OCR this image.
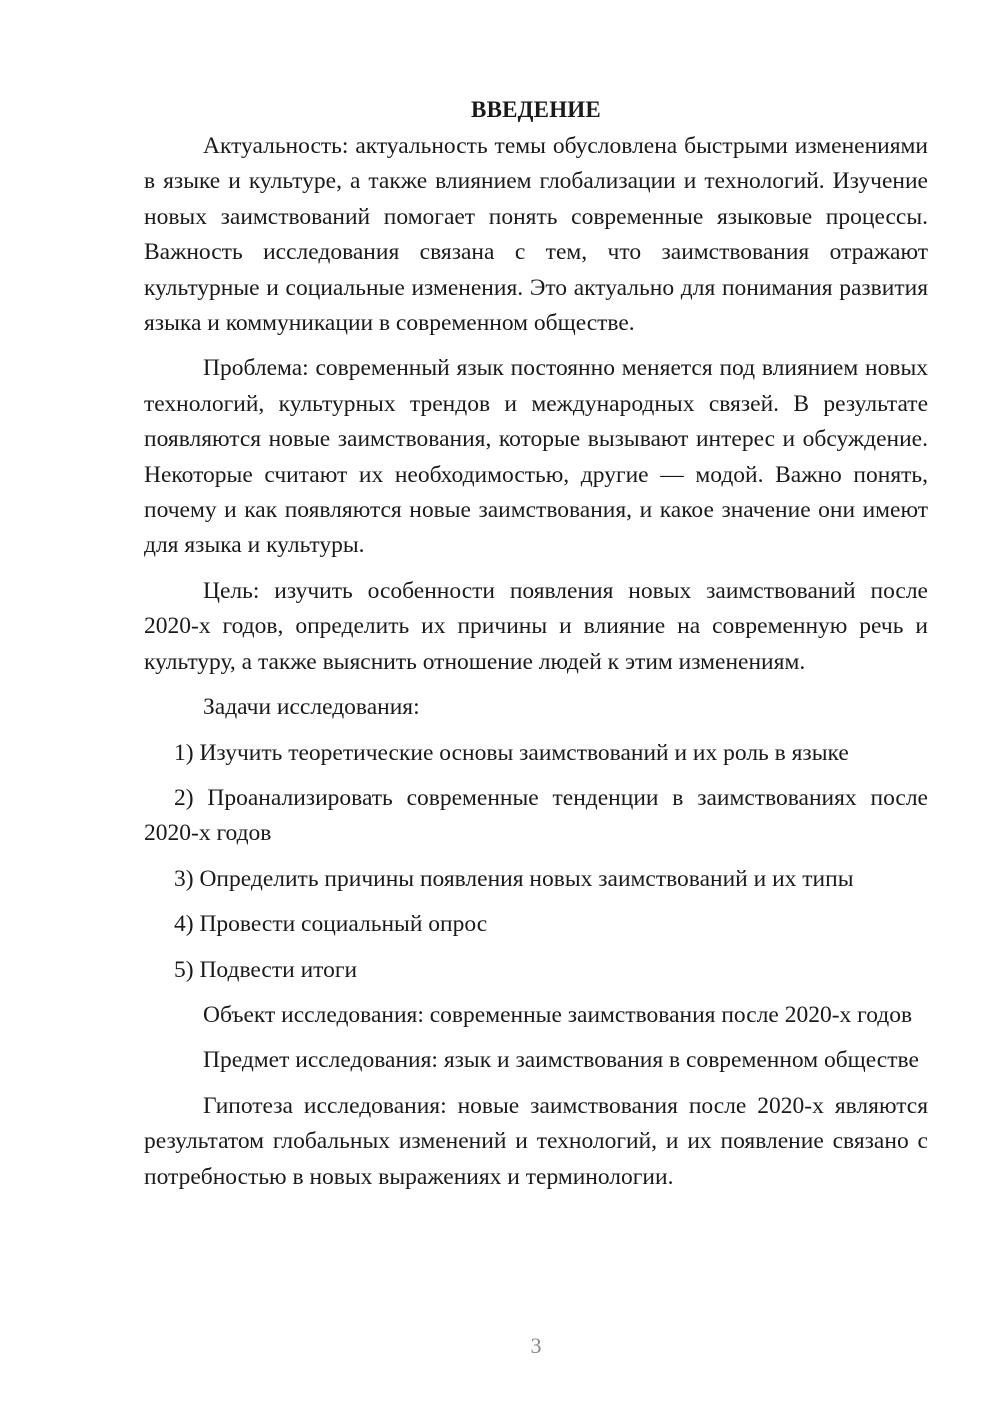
ВВЕДЕНИЕ

Актуальность: актуальность темы обусловлена быстрыми изменениями в языке и культуре, а также влиянием глобализации и технологий. Изучение новых заимствований помогает понять современные языковые процессы. Важность исследования связана с тем, что заимствования отражают культурные и социальные изменения. Это актуально для понимания развития языка и коммуникации в современном обществе.

Проблема: современный язык постоянно меняется под влиянием новых технологий, культурных трендов и международных связей. В результате появляются новые заимствования, которые вызывают интерес и обсуждение. Некоторые считают их необходимостью, другие — модой. Важно понять, почему и как появляются новые заимствования, и какое значение они имеют для языка и культуры.

Цель: изучить особенности появления новых заимствований после 2020-х годов, определить их причины и влияние на современную речь и культуру, а также выяснить отношение людей к этим изменениям.

Задачи исследования:

1) Изучить теоретические основы заимствований и их роль в языке

2) Проанализировать современные тенденции в заимствованиях после 2020-х годов

3) Определить причины появления новых заимствований и их типы

4) Провести социальный опрос

5) Подвести итоги

Объект исследования: современные заимствования после 2020-х годов

Предмет исследования: язык и заимствования в современном обществе

Гипотеза исследования: новые заимствования после 2020-х являются результатом глобальных изменений и технологий, и их появление связано с потребностью в новых выражениях и терминологии.

3
